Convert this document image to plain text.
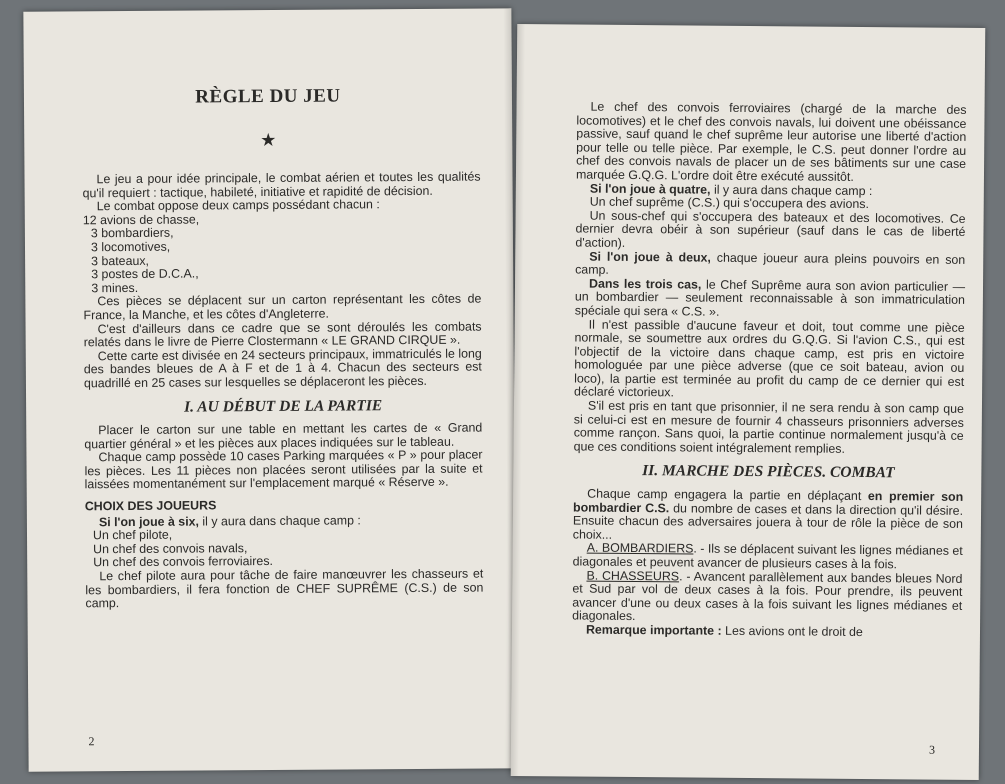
RÈGLE DU JEU
★

Le jeu a pour idée principale, le combat aérien et toutes les qualités qu'il requiert : tactique, habileté, initiative et rapidité de décision.

Le combat oppose deux camps possédant chacun :

12 avions de chasse,
3 bombardiers,
3 locomotives,
3 bateaux,
3 postes de D.C.A.,
3 mines.

Ces pièces se déplacent sur un carton représentant les côtes de France, la Manche, et les côtes d'Angleterre.

C'est d'ailleurs dans ce cadre que se sont déroulés les combats relatés dans le livre de Pierre Clostermann « LE GRAND CIRQUE ».

Cette carte est divisée en 24 secteurs principaux, immatriculés le long des bandes bleues de A à F et de 1 à 4. Chacun des secteurs est quadrillé en 25 cases sur lesquelles se déplaceront les pièces.

I. AU DÉBUT DE LA PARTIE

Placer le carton sur une table en mettant les cartes de « Grand quartier général » et les pièces aux places indiquées sur le tableau.

Chaque camp possède 10 cases Parking marquées « P » pour placer les pièces. Les 11 pièces non placées seront utilisées par la suite et laissées momentanément sur l'emplacement marqué « Réserve ».

CHOIX DES JOUEURS

Si l'on joue à six, il y aura dans chaque camp :

Un chef pilote,
Un chef des convois navals,
Un chef des convois ferroviaires.

Le chef pilote aura pour tâche de faire manœuvrer les chasseurs et les bombardiers, il fera fonction de CHEF SUPRÊME (C.S.) de son camp.

2

Le chef des convois ferroviaires (chargé de la marche des locomotives) et le chef des convois navals, lui doivent une obéissance passive, sauf quand le chef suprême leur autorise une liberté d'action pour telle ou telle pièce. Par exemple, le C.S. peut donner l'ordre au chef des convois navals de placer un de ses bâtiments sur une case marquée G.Q.G. L'ordre doit être exécuté aussitôt.

Si l'on joue à quatre, il y aura dans chaque camp :

Un chef suprême (C.S.) qui s'occupera des avions.

Un sous-chef qui s'occupera des bateaux et des locomotives. Ce dernier devra obéir à son supérieur (sauf dans le cas de liberté d'action).

Si l'on joue à deux, chaque joueur aura pleins pouvoirs en son camp.

Dans les trois cas, le Chef Suprême aura son avion particulier — un bombardier — seulement reconnaissable à son immatriculation spéciale qui sera « C.S. ».

Il n'est passible d'aucune faveur et doit, tout comme une pièce normale, se soumettre aux ordres du G.Q.G. Si l'avion C.S., qui est l'objectif de la victoire dans chaque camp, est pris en victoire homologuée par une pièce adverse (que ce soit bateau, avion ou loco), la partie est terminée au profit du camp de ce dernier qui est déclaré victorieux.

S'il est pris en tant que prisonnier, il ne sera rendu à son camp que si celui-ci est en mesure de fournir 4 chasseurs prisonniers adverses comme rançon. Sans quoi, la partie continue normalement jusqu'à ce que ces conditions soient intégralement remplies.

II. MARCHE DES PIÈCES. COMBAT

Chaque camp engagera la partie en déplaçant en premier son bombardier C.S. du nombre de cases et dans la direction qu'il désire. Ensuite chacun des adversaires jouera à tour de rôle la pièce de son choix...

A. BOMBARDIERS. - Ils se déplacent suivant les lignes médianes et diagonales et peuvent avancer de plusieurs cases à la fois.

B. CHASSEURS. - Avancent parallèlement aux bandes bleues Nord et Sud par vol de deux cases à la fois. Pour prendre, ils peuvent avancer d'une ou deux cases à la fois suivant les lignes médianes et diagonales.

Remarque importante : Les avions ont le droit de

3
